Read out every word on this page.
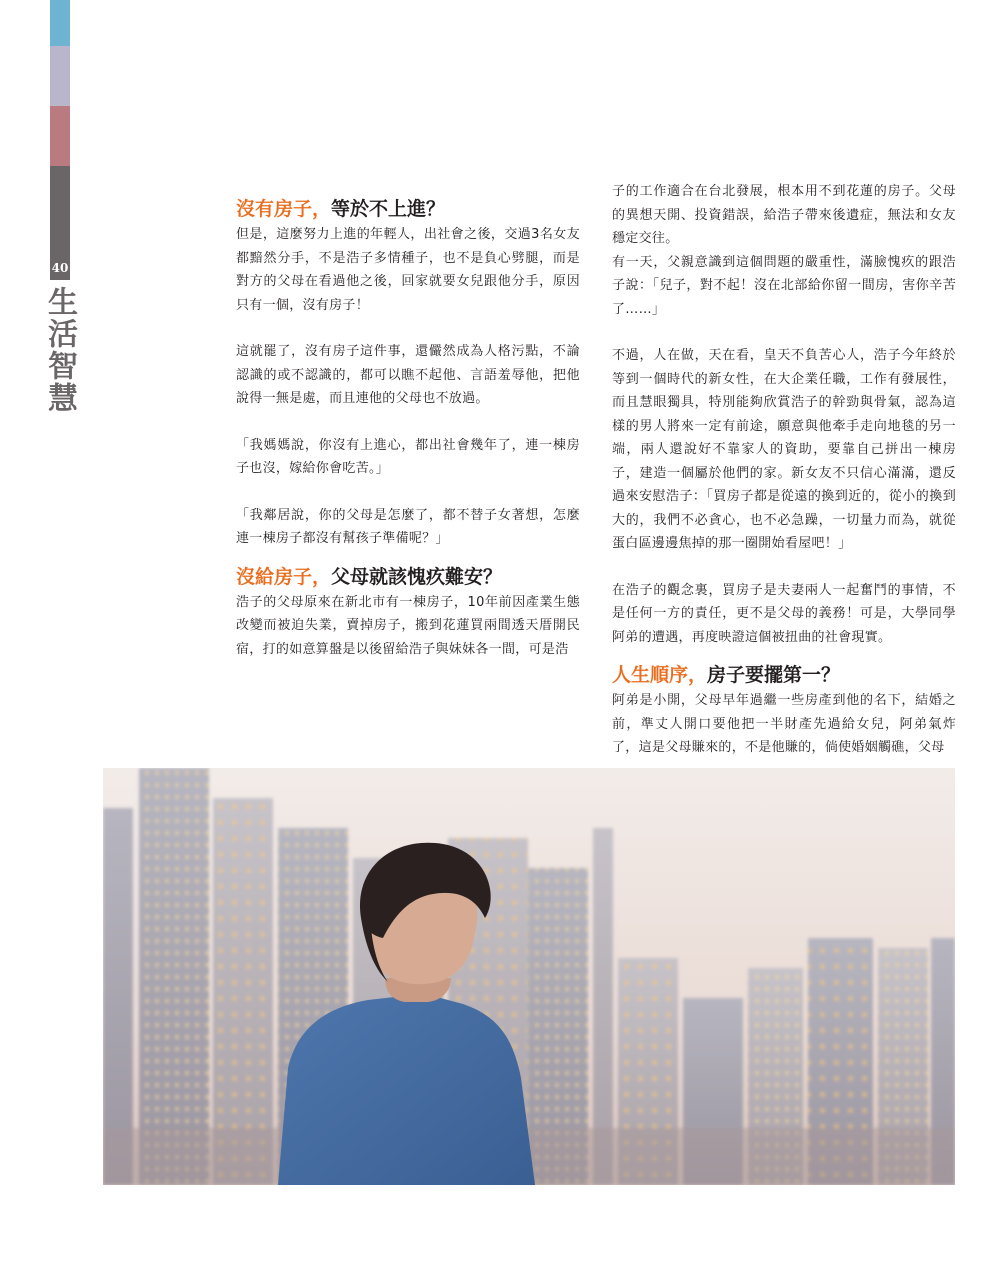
40
生活智慧
沒有房子，等於不上進？

但是，這麼努力上進的年輕人，出社會之後，交過3名女友都黯然分手，不是浩子多情種子，也不是負心劈腿，而是對方的父母在看過他之後，回家就要女兒跟他分手，原因只有一個，沒有房子！

這就罷了，沒有房子這件事，還儼然成為人格污點，不論認識的或不認識的，都可以瞧不起他、言語羞辱他，把他說得一無是處，而且連他的父母也不放過。

「我媽媽說，你沒有上進心，都出社會幾年了，連一棟房子也沒，嫁給你會吃苦。」

「我鄰居說，你的父母是怎麼了，都不替子女著想，怎麼連一棟房子都沒有幫孩子準備呢？」

沒給房子，父母就該愧疚難安？

浩子的父母原來在新北市有一棟房子，10年前因產業生態改變而被迫失業，賣掉房子，搬到花蓮買兩間透天厝開民宿，打的如意算盤是以後留給浩子與妹妹各一間，可是浩

子的工作適合在台北發展，根本用不到花蓮的房子。父母的異想天開、投資錯誤，給浩子帶來後遺症，無法和女友穩定交往。

有一天，父親意識到這個問題的嚴重性，滿臉愧疚的跟浩子說：「兒子，對不起！沒在北部給你留一間房，害你辛苦了……」

不過，人在做，天在看，皇天不負苦心人，浩子今年終於等到一個時代的新女性，在大企業任職，工作有發展性，而且慧眼獨具，特別能夠欣賞浩子的幹勁與骨氣，認為這樣的男人將來一定有前途，願意與他牽手走向地毯的另一端，兩人還說好不靠家人的資助，要靠自己拼出一棟房子，建造一個屬於他們的家。新女友不只信心滿滿，還反過來安慰浩子：「買房子都是從遠的換到近的，從小的換到大的，我們不必貪心，也不必急躁，一切量力而為，就從蛋白區邊邊焦掉的那一圈開始看屋吧！」

在浩子的觀念裏，買房子是夫妻兩人一起奮鬥的事情，不是任何一方的責任，更不是父母的義務！可是，大學同學阿弟的遭遇，再度映證這個被扭曲的社會現實。

人生順序，房子要擺第一？

阿弟是小開，父母早年過繼一些房產到他的名下，結婚之前，準丈人開口要他把一半財產先過給女兒，阿弟氣炸了，這是父母賺來的，不是他賺的，倘使婚姻觸礁，父母
